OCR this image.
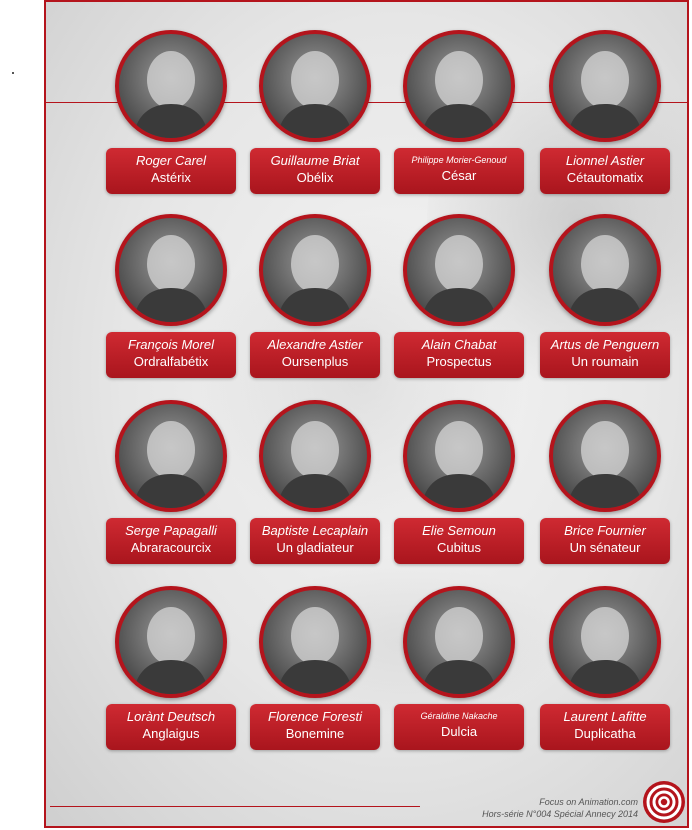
Roger Carel
Astérix
Guillaume Briat
Obélix
Philippe Morier-Genoud
César
Lionnel Astier
Cétautomatix
François Morel
Ordralfabétix
Alexandre Astier
Oursenplus
Alain Chabat
Prospectus
Artus de Penguern
Un roumain
Serge Papagalli
Abraracourcix
Baptiste Lecaplain
Un gladiateur
Elie Semoun
Cubitus
Brice Fournier
Un sénateur
Lorànt Deutsch
Anglaigus
Florence Foresti
Bonemine
Géraldine Nakache
Dulcia
Laurent Lafitte
Duplicatha
Focus on Animation.com
Hors-série N°004 Spécial Annecy 2014
